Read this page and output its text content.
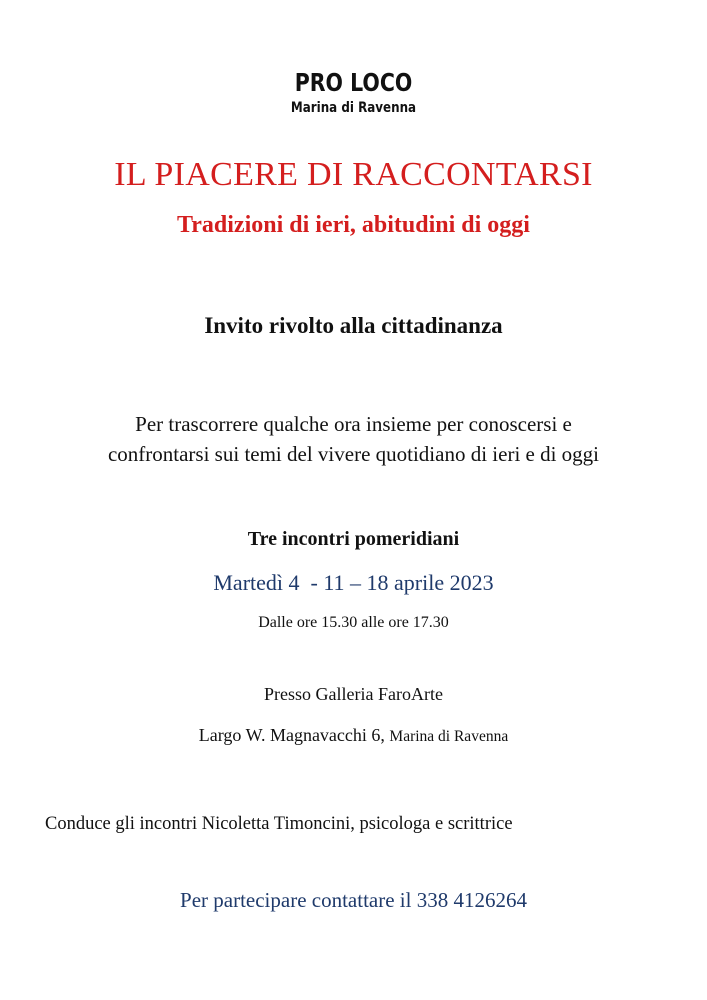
PRO LOCO
Marina di Ravenna
IL PIACERE DI RACCONTARSI
Tradizioni di ieri, abitudini di oggi
Invito rivolto alla cittadinanza
Per trascorrere qualche ora insieme per conoscersi e
confrontarsi sui temi del vivere quotidiano di ieri e di oggi
Tre incontri pomeridiani
Martedì 4  - 11 – 18 aprile 2023
Dalle ore 15.30 alle ore 17.30
Presso Galleria FaroArte
Largo W. Magnavacchi 6, Marina di Ravenna
Conduce gli incontri Nicoletta Timoncini, psicologa e scrittrice
Per partecipare contattare il 338 4126264
